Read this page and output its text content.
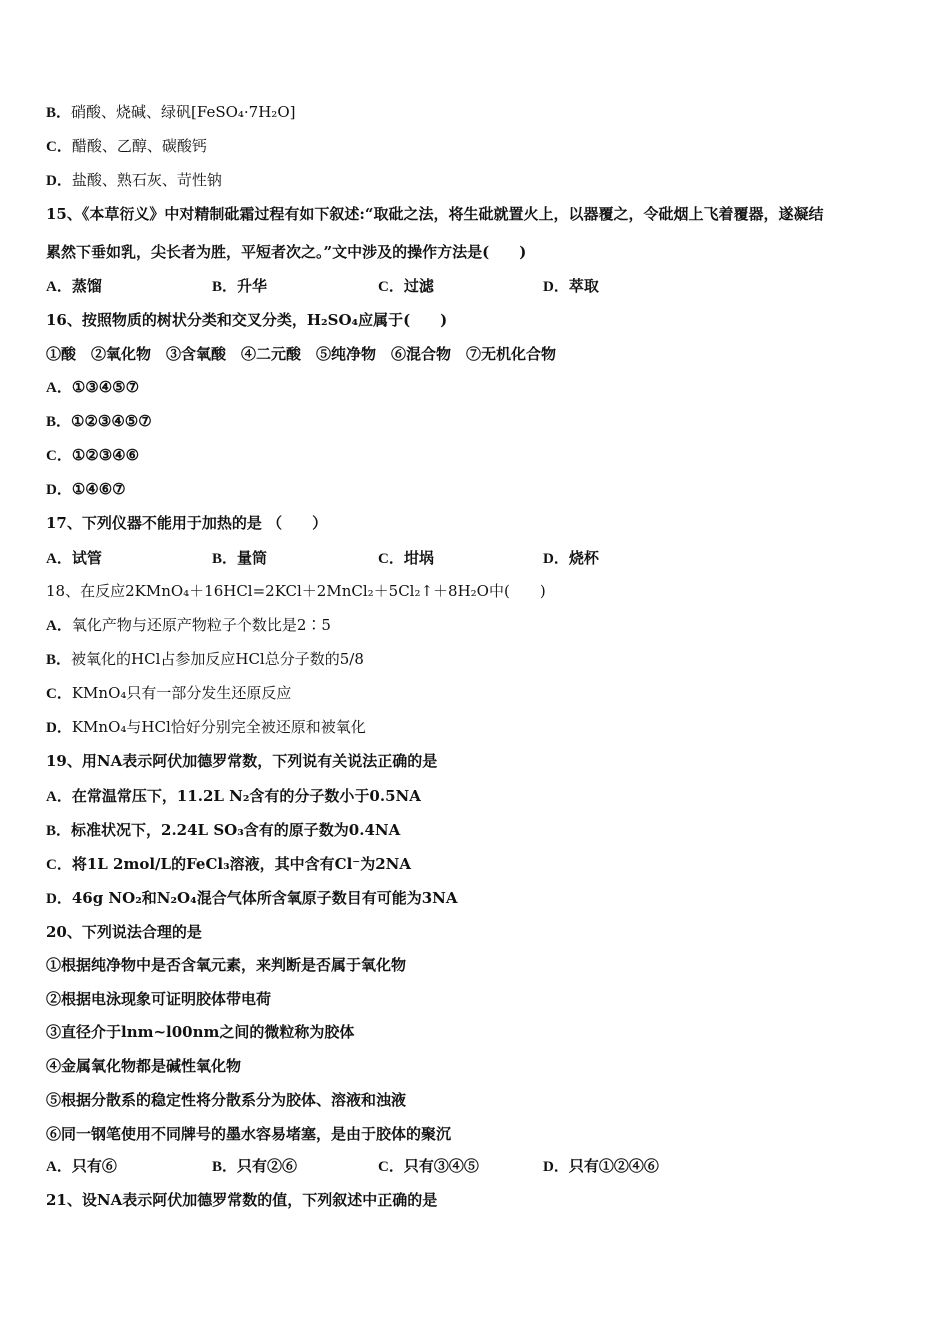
B．硝酸、烧碱、绿矾[FeSO₄·7H₂O]
C．醋酸、乙醇、碳酸钙
D．盐酸、熟石灰、苛性钠
15、《本草衍义》中对精制砒霜过程有如下叙述:“取砒之法，将生砒就置火上，以器覆之，令砒烟上飞着覆器，遂凝结
累然下垂如乳，尖长者为胜，平短者次之。”文中涉及的操作方法是(　　)
A．蒸馏	B．升华	C．过滤	D．萃取
16、按照物质的树状分类和交叉分类，H₂SO₄应属于(　　)
①酸　②氧化物　③含氧酸　④二元酸　⑤纯净物　⑥混合物　⑦无机化合物
A．①③④⑤⑦
B．①②③④⑤⑦
C．①②③④⑥
D．①④⑥⑦
17、下列仪器不能用于加热的是 （　　）
A．试管	B．量筒	C．坩埚	D．烧杯
18、在反应2KMnO₄＋16HCl=2KCl＋2MnCl₂＋5Cl₂↑＋8H₂O中(　　)
A．氧化产物与还原产物粒子个数比是2∶5
B．被氧化的HCl占参加反应HCl总分子数的5/8
C．KMnO₄只有一部分发生还原反应
D．KMnO₄与HCl恰好分别完全被还原和被氧化
19、用NA表示阿伏加德罗常数，下列说有关说法正确的是
A．在常温常压下，11.2L N₂含有的分子数小于0.5NA
B．标准状况下，2.24L SO₃含有的原子数为0.4NA
C．将1L 2mol/L的FeCl₃溶液，其中含有Cl⁻为2NA
D．46g NO₂和N₂O₄混合气体所含氧原子数目有可能为3NA
20、下列说法合理的是
①根据纯净物中是否含氧元素，来判断是否属于氧化物
②根据电泳现象可证明胶体带电荷
③直径介于lnm~l00nm之间的微粒称为胶体
④金属氧化物都是碱性氧化物
⑤根据分散系的稳定性将分散系分为胶体、溶液和浊液
⑥同一钢笔使用不同牌号的墨水容易堵塞，是由于胶体的聚沉
A．只有⑥	B．只有②⑥	C．只有③④⑤	D．只有①②④⑥
21、设NA表示阿伏加德罗常数的值，下列叙述中正确的是
